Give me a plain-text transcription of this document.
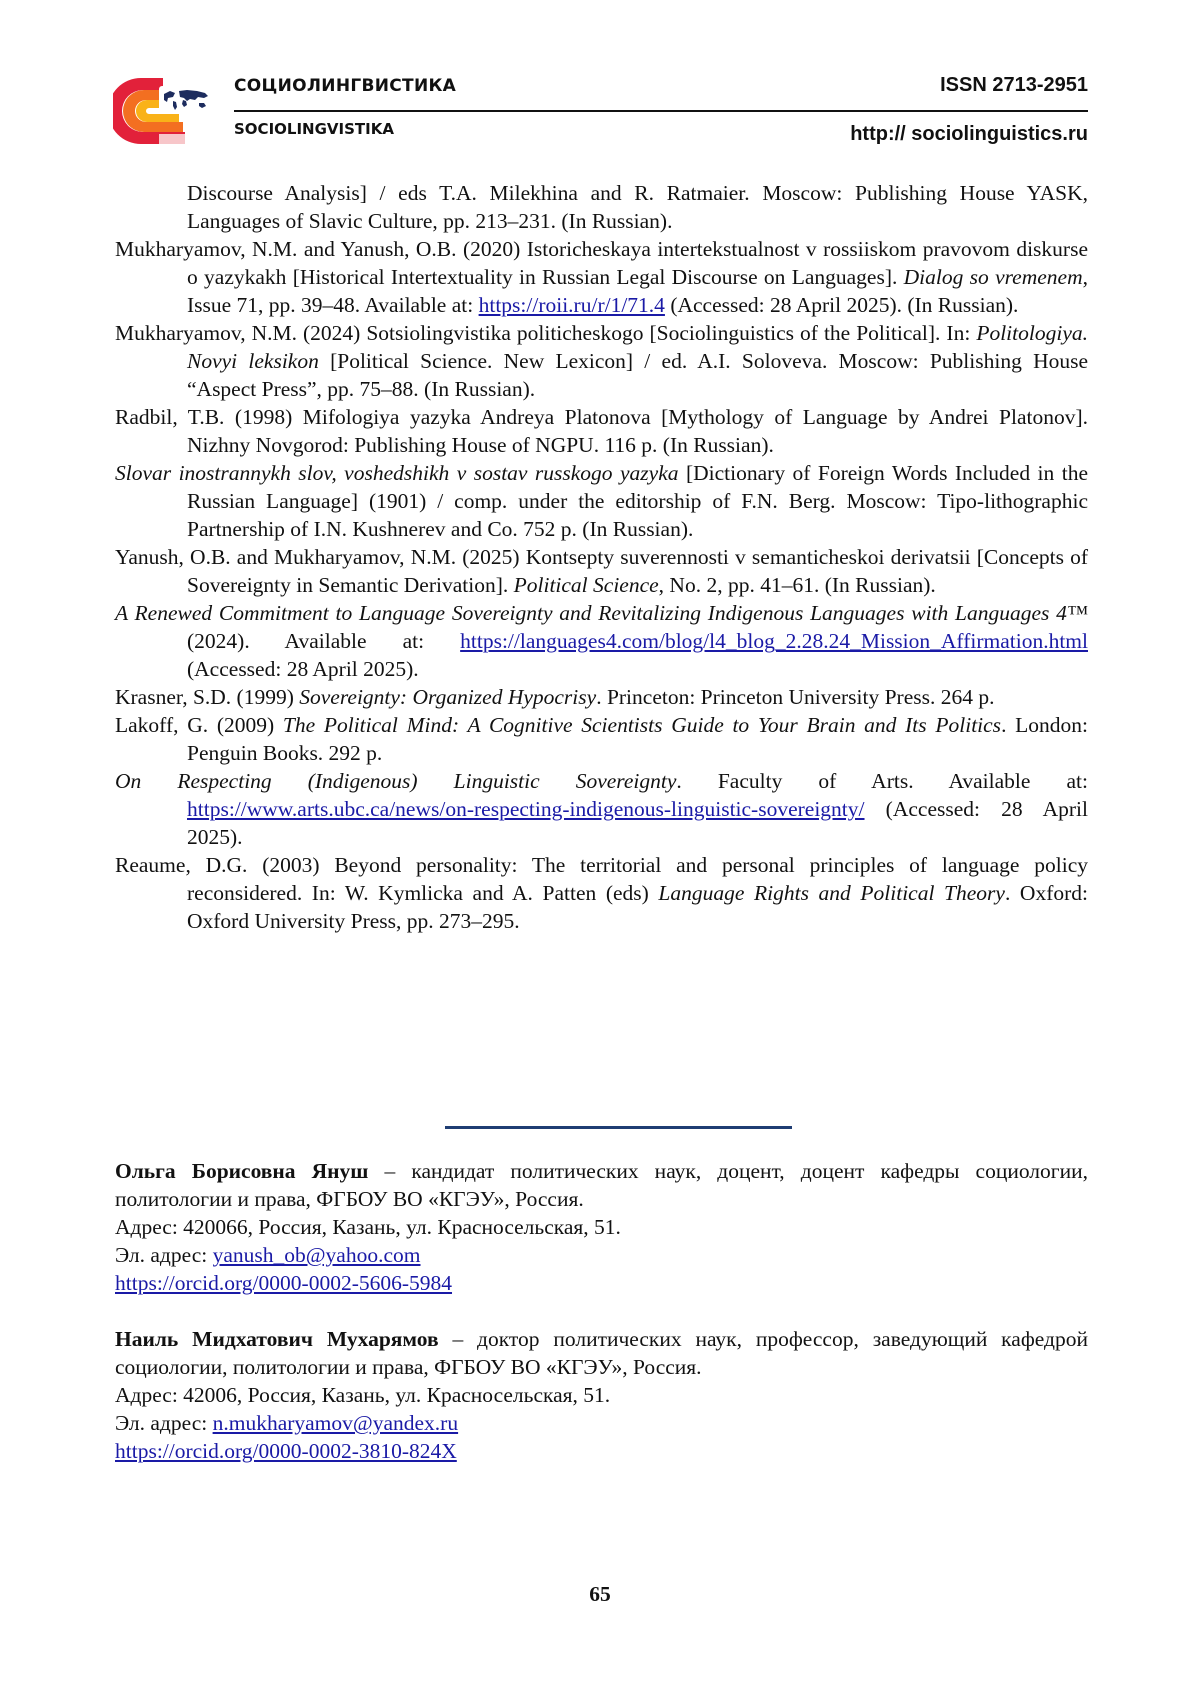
СОЦИОЛИНГВИСТИКА
SOCIOLINGVISTIKA
ISSN 2713-2951
http:// sociolinguistics.ru
Discourse Analysis] / eds T.A. Milekhina and R. Ratmaier. Moscow: Publishing House YASK, Languages of Slavic Culture, pp. 213–231. (In Russian).
Mukharyamov, N.M. and Yanush, O.B. (2020) Istoricheskaya intertekstualnost v rossiiskom pravovom diskurse o yazykakh [Historical Intertextuality in Russian Legal Discourse on Languages]. Dialog so vremenem, Issue 71, pp. 39–48. Available at: https://roii.ru/r/1/71.4 (Accessed: 28 April 2025). (In Russian).
Mukharyamov, N.M. (2024) Sotsiolingvistika politicheskogo [Sociolinguistics of the Political]. In: Politologiya. Novyi leksikon [Political Science. New Lexicon] / ed. A.I. Soloveva. Moscow: Publishing House “Aspect Press”, pp. 75–88. (In Russian).
Radbil, T.B. (1998) Mifologiya yazyka Andreya Platonova [Mythology of Language by Andrei Platonov]. Nizhny Novgorod: Publishing House of NGPU. 116 p. (In Russian).
Slovar inostrannykh slov, voshedshikh v sostav russkogo yazyka [Dictionary of Foreign Words Included in the Russian Language] (1901) / comp. under the editorship of F.N. Berg. Moscow: Tipo-lithographic Partnership of I.N. Kushnerev and Co. 752 p. (In Russian).
Yanush, O.B. and Mukharyamov, N.M. (2025) Kontsepty suverennosti v semanticheskoi derivatsii [Concepts of Sovereignty in Semantic Derivation]. Political Science, No. 2, pp. 41–61. (In Russian).
A Renewed Commitment to Language Sovereignty and Revitalizing Indigenous Languages with Languages 4™ (2024). Available at: https://languages4.com/blog/l4_blog_2.28.24_Mission_Affirmation.html (Accessed: 28 April 2025).
Krasner, S.D. (1999) Sovereignty: Organized Hypocrisy. Princeton: Princeton University Press. 264 p.
Lakoff, G. (2009) The Political Mind: A Cognitive Scientists Guide to Your Brain and Its Politics. London: Penguin Books. 292 p.
On Respecting (Indigenous) Linguistic Sovereignty. Faculty of Arts. Available at: https://www.arts.ubc.ca/news/on-respecting-indigenous-linguistic-sovereignty/ (Accessed: 28 April 2025).
Reaume, D.G. (2003) Beyond personality: The territorial and personal principles of language policy reconsidered. In: W. Kymlicka and A. Patten (eds) Language Rights and Political Theory. Oxford: Oxford University Press, pp. 273–295.

Ольга Борисовна Януш – кандидат политических наук, доцент, доцент кафедры социологии, политологии и права, ФГБОУ ВО «КГЭУ», Россия.

Адрес: 420066, Россия, Казань, ул. Красносельская, 51.

Эл. адрес: yanush_ob@yahoo.com

https://orcid.org/0000-0002-5606-5984

Наиль Мидхатович Мухарямов – доктор политических наук, профессор, заведующий кафедрой социологии, политологии и права, ФГБОУ ВО «КГЭУ», Россия.

Адрес: 42006, Россия, Казань, ул. Красносельская, 51.

Эл. адрес: n.mukharyamov@yandex.ru

https://orcid.org/0000-0002-3810-824X

65
